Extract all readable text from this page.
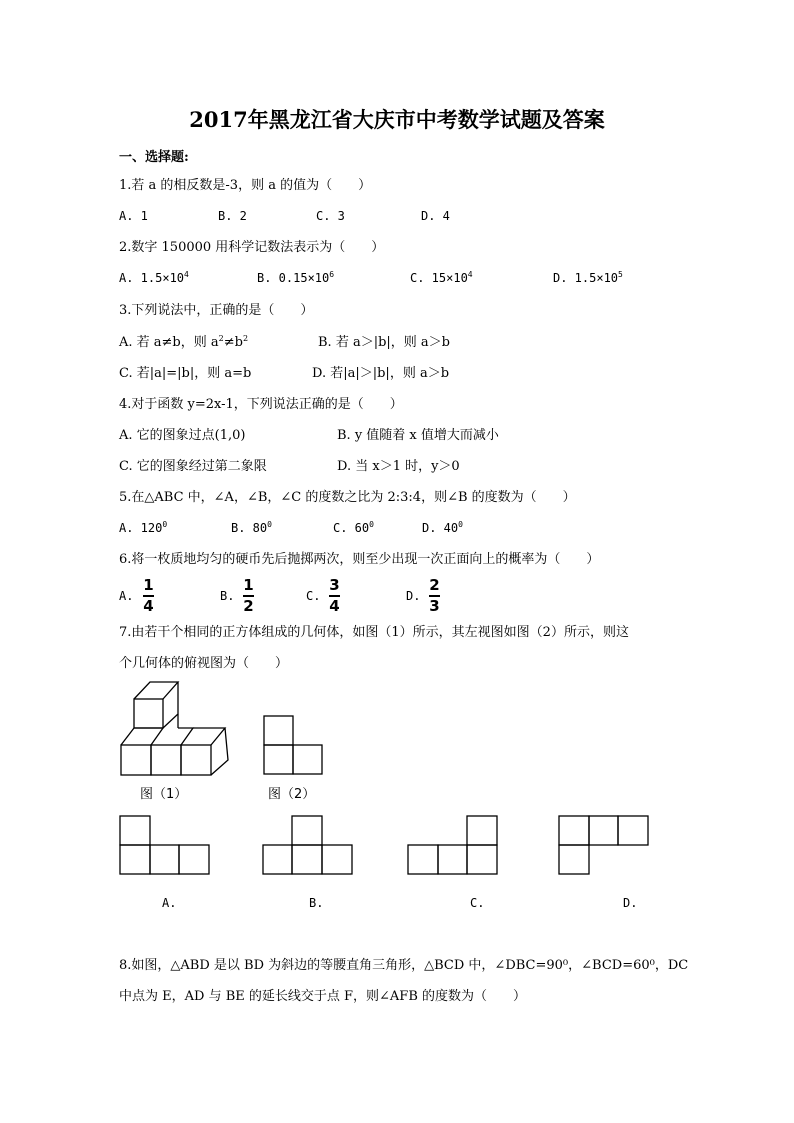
2017年黑龙江省大庆市中考数学试题及答案
一、选择题:
1.若 a 的相反数是-3，则 a 的值为（　　）
A. 1	B. 2	C. 3	D. 4
2.数字 150000 用科学记数法表示为（　　）
A. $1.5\times 10^4$	B. $0.15\times 10^6$	C. $15\times 10^4$	D. $1.5\times 10^5$
3.下列说法中，正确的是（　　）
A. 若 a≠b，则 $a^2\ne b^2$	B. 若 a＞|b|，则 a＞b
C. 若|a|=|b|，则 a=b	D. 若|a|＞|b|，则 a＞b
4.对于函数 y=2x-1，下列说法正确的是（　　）
A. 它的图象过点(1,0)	B. y 值随着 x 值增大而减小
C. 它的图象经过第二象限	D. 当 x＞1 时，y＞0
5.在△ABC 中，∠A，∠B，∠C 的度数之比为 2:3:4，则∠B 的度数为（　　）
A. $120^0$	B. $80^0$	C. $60^0$	D. $40^0$
6.将一枚质地均匀的硬币先后抛掷两次，则至少出现一次正面向上的概率为（　　）
A.
1
4
B.
1
2
C.
3
4
D.
2
3
7.由若干个相同的正方体组成的几何体，如图（1）所示，其左视图如图（2）所示，则这
个几何体的俯视图为（　　）
图（1）	图（2）
A.	B.	C.	D.
8.如图，△ABD 是以 BD 为斜边的等腰直角三角形，△BCD 中，∠DBC=90⁰，∠BCD=60⁰，DC
中点为 E，AD 与 BE 的延长线交于点 F，则∠AFB 的度数为（　　）
